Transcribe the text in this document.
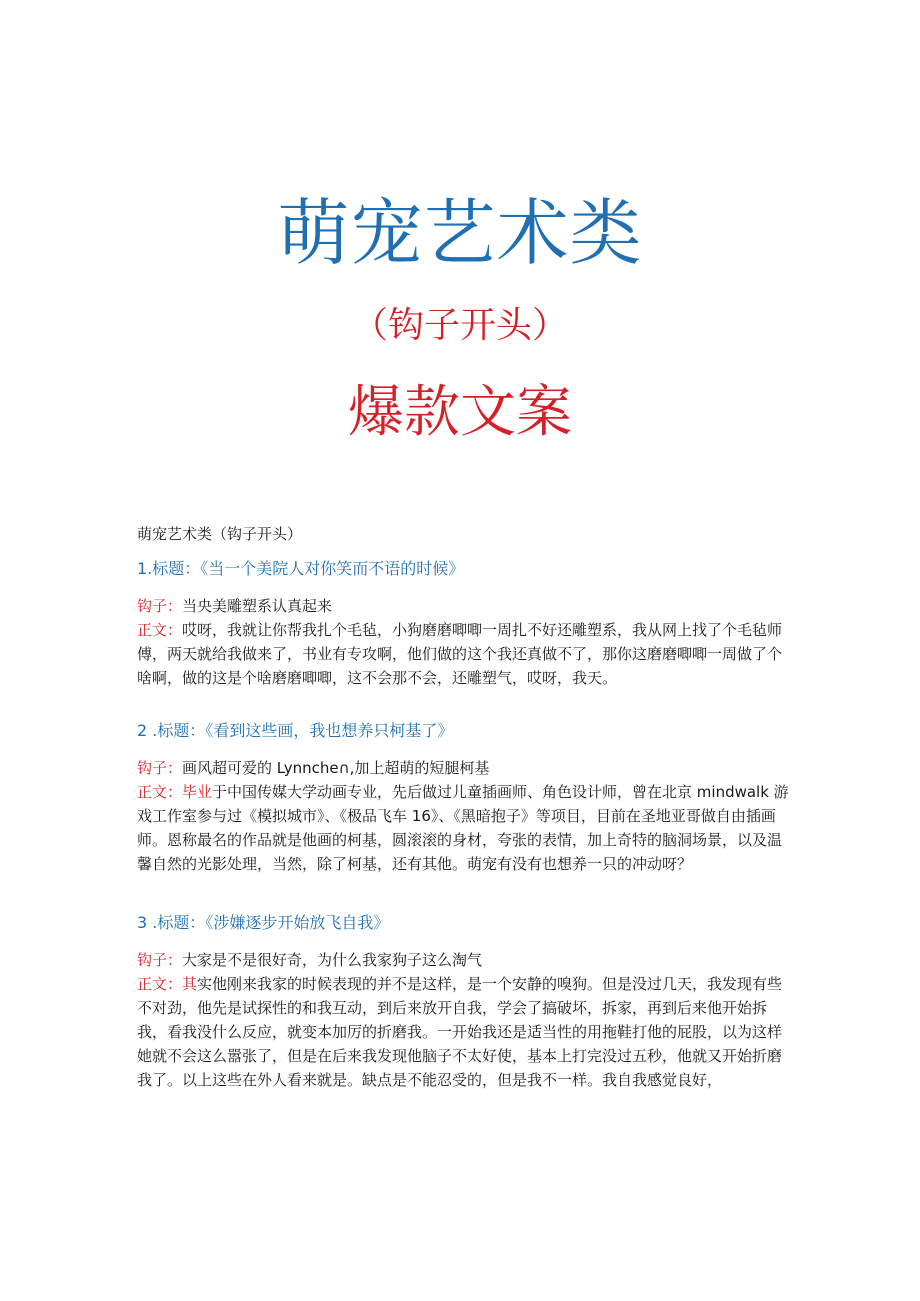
萌宠艺术类
（钩子开头）
爆款文案

萌宠艺术类（钩子开头）

1.标题：《当一个美院人对你笑而不语的时候》

钩子：当央美雕塑系认真起来

正文：哎呀，我就让你帮我扎个毛毡，小狗磨磨唧唧一周扎不好还雕塑系，我从网上找了个毛毡师傅，两天就给我做来了，书业有专攻啊，他们做的这个我还真做不了，那你这磨磨唧唧一周做了个啥啊，做的这是个啥磨磨唧唧，这不会那不会，还雕塑气，哎呀，我天。

2 .标题：《看到这些画，我也想养只柯基了》

钩子：画风超可爱的 Lynnche∩,加上超萌的短腿柯基

正文：毕业于中国传媒大学动画专业，先后做过儿童插画师、角色设计师，曾在北京 mindwalk 游戏工作室参与过《模拟城市》、《极品飞车 16》、《黑暗抱子》等项目，目前在圣地亚哥做自由插画师。恩称最名的作品就是他画的柯基，圆滚滚的身材，夸张的表情，加上奇特的脑洞场景，以及温馨自然的光影处理，当然，除了柯基，还有其他。萌宠有没有也想养一只的冲动呀？

3 .标题：《涉嫌逐步开始放飞自我》

钩子：大家是不是很好奇，为什么我家狗子这么淘气

正文：其实他刚来我家的时候表现的并不是这样，是一个安静的嗅狗。但是没过几天，我发现有些不对劲，他先是试探性的和我互动，到后来放开自我，学会了搞破坏，拆家，再到后来他开始拆我，看我没什么反应，就变本加厉的折磨我。一开始我还是适当性的用拖鞋打他的屁股，以为这样她就不会这么嚣张了，但是在后来我发现他脑子不太好使，基本上打完没过五秒，他就又开始折磨我了。以上这些在外人看来就是。缺点是不能忍受的，但是我不一样。我自我感觉良好，
